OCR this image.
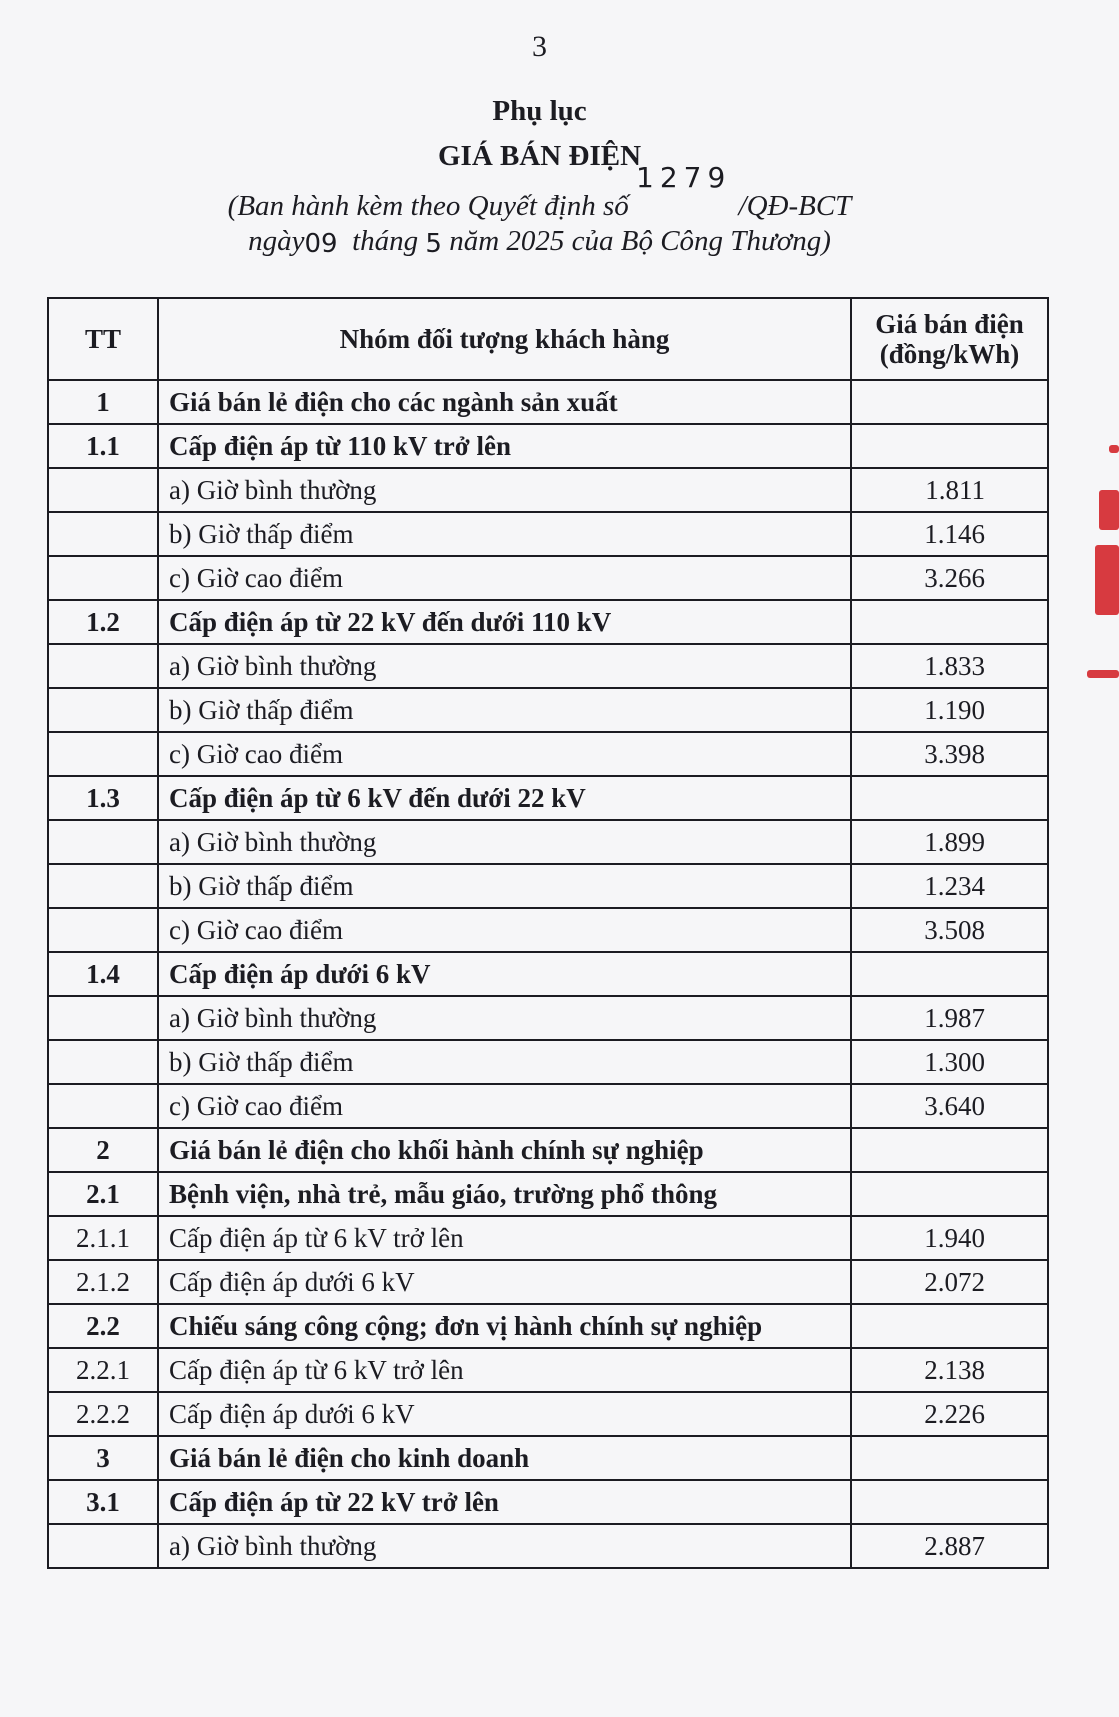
3
Phụ lục
GIÁ BÁN ĐIỆN
(Ban hành kèm theo Quyết định số 1279 /QĐ-BCT
ngày09 tháng 5 năm 2025 của Bộ Công Thương)
TT	Nhóm đối tượng khách hàng	Giá bán điện
(đồng/kWh)
1	Giá bán lẻ điện cho các ngành sản xuất	
1.1	Cấp điện áp từ 110 kV trở lên	
	a) Giờ bình thường	1.811
	b) Giờ thấp điểm	1.146
	c) Giờ cao điểm	3.266
1.2	Cấp điện áp từ 22 kV đến dưới 110 kV	
	a) Giờ bình thường	1.833
	b) Giờ thấp điểm	1.190
	c) Giờ cao điểm	3.398
1.3	Cấp điện áp từ 6 kV đến dưới 22 kV	
	a) Giờ bình thường	1.899
	b) Giờ thấp điểm	1.234
	c) Giờ cao điểm	3.508
1.4	Cấp điện áp dưới 6 kV	
	a) Giờ bình thường	1.987
	b) Giờ thấp điểm	1.300
	c) Giờ cao điểm	3.640
2	Giá bán lẻ điện cho khối hành chính sự nghiệp	
2.1	Bệnh viện, nhà trẻ, mẫu giáo, trường phổ thông	
2.1.1	Cấp điện áp từ 6 kV trở lên	1.940
2.1.2	Cấp điện áp dưới 6 kV	2.072
2.2	Chiếu sáng công cộng; đơn vị hành chính sự nghiệp	
2.2.1	Cấp điện áp từ 6 kV trở lên	2.138
2.2.2	Cấp điện áp dưới 6 kV	2.226
3	Giá bán lẻ điện cho kinh doanh	
3.1	Cấp điện áp từ 22 kV trở lên	
	a) Giờ bình thường	2.887
